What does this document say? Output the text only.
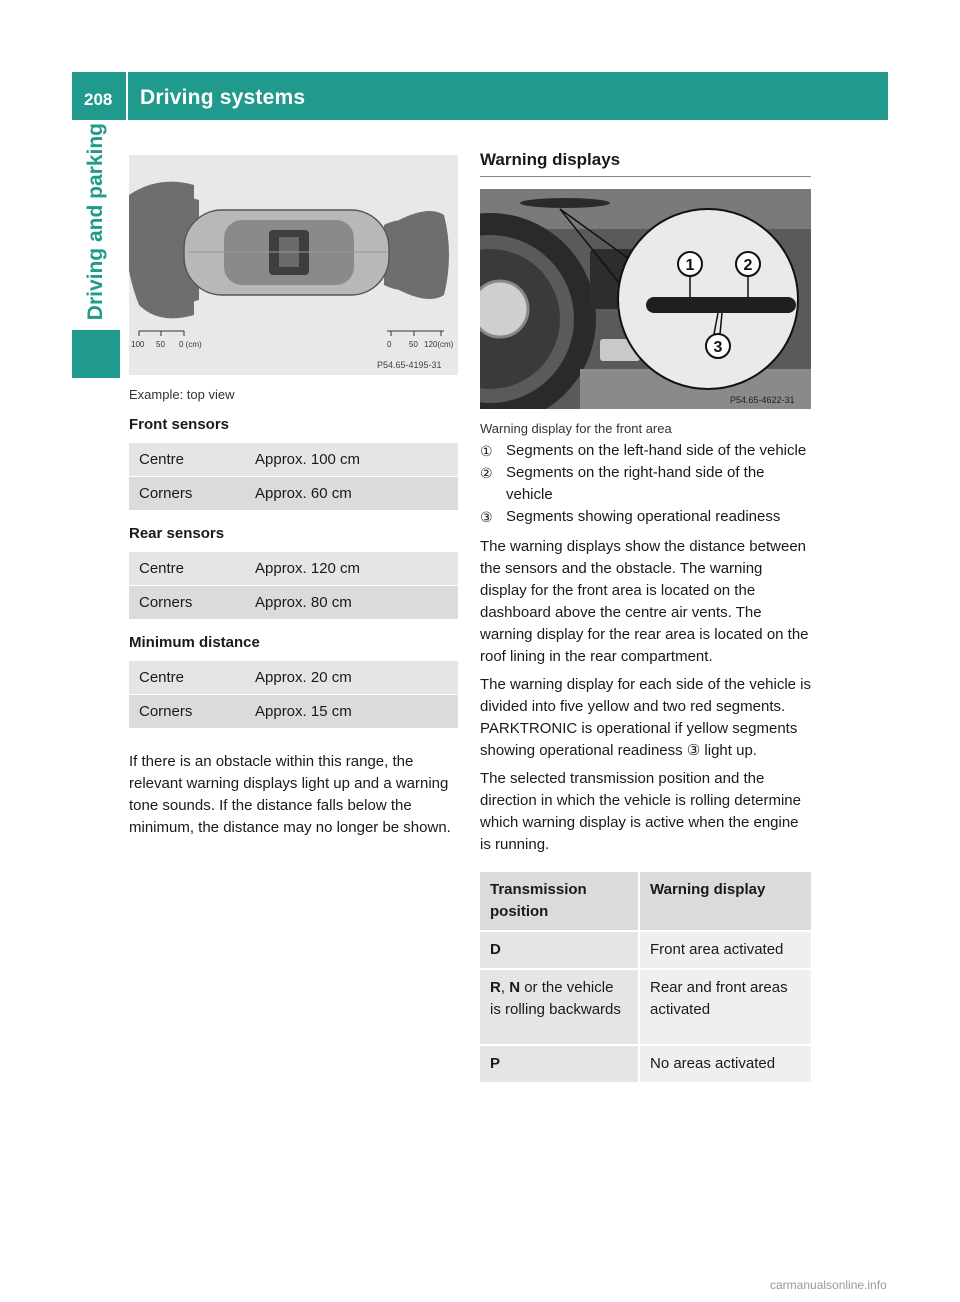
208 Driving systems
Driving and parking
100 50 0 (cm)	0 50 120(cm)
P54.65-4195-31
Example: top view
Front sensors
Centre	Approx. 100 cm
Corners	Approx. 60 cm
Rear sensors
Centre	Approx. 120 cm
Corners	Approx. 80 cm
Minimum distance
Centre	Approx. 20 cm
Corners	Approx. 15 cm

If there is an obstacle within this range, the relevant warning displays light up and a warning tone sounds. If the distance falls below the minimum, the distance may no longer be shown.

Warning displays
1	2
3
P54.65-4622-31
Warning display for the front area
① Segments on the left-hand side of the vehicle
② Segments on the right-hand side of the vehicle
③ Segments showing operational readiness

The warning displays show the distance between the sensors and the obstacle. The warning display for the front area is located on the dashboard above the centre air vents. The warning display for the rear area is located on the roof lining in the rear compartment.

The warning display for each side of the vehicle is divided into five yellow and two red segments. PARKTRONIC is operational if yellow segments showing operational readiness ③ light up.

The selected transmission position and the direction in which the vehicle is rolling determine which warning display is active when the engine is running.

Transmission position	Warning display
D	Front area activated
R, N or the vehicle is rolling backwards	Rear and front areas activated
P	No areas activated
carmanualsonline.info
